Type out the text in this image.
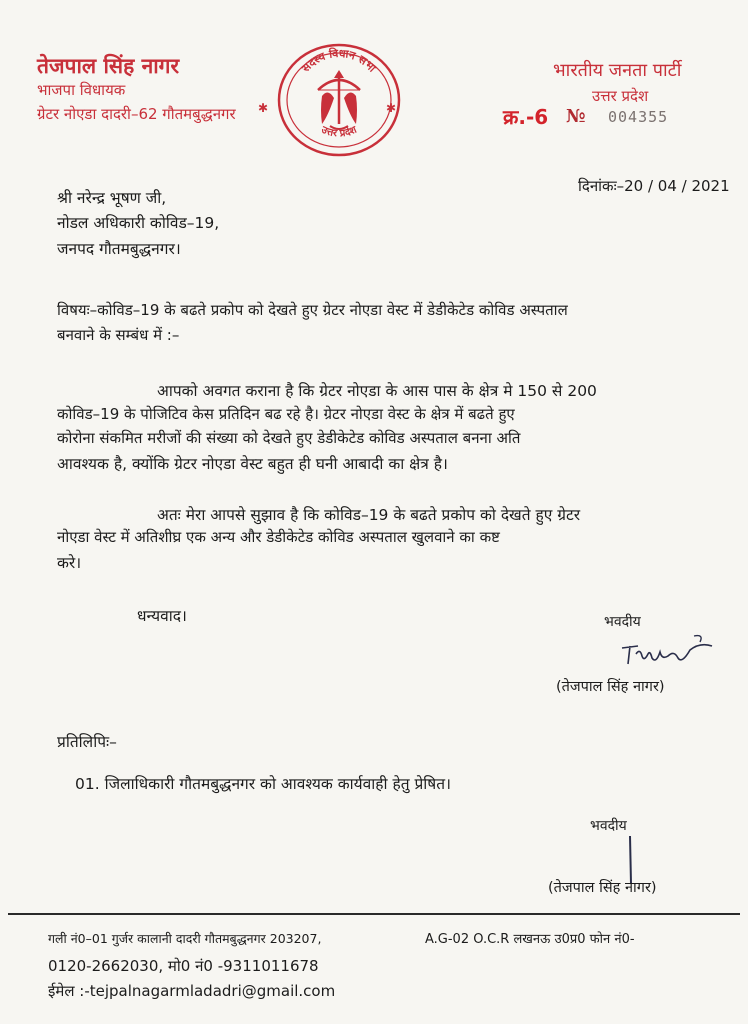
तेजपाल सिंह नागर
भाजपा विधायक
ग्रेटर नोएडा दादरी–62 गौतमबुद्धनगर
सदस्य विधान सभा
उत्तर प्रदेश
✱	✱
भारतीय जनता पार्टी
उत्तर प्रदेश
क्र.-6 № 004355
दिनांकः–20 / 04 / 2021
श्री नरेन्द्र भूषण जी,
नोडल अधिकारी कोविड–19,
जनपद गौतमबुद्धनगर।
विषयः–कोविड–19 के बढते प्रकोप को देखते हुए ग्रेटर नोएडा वेस्ट में डेडीकेटेड कोविड अस्पताल
बनवाने के सम्बंध में :–
आपको अवगत कराना है कि ग्रेटर नोएडा के आस पास के क्षेत्र मे 150 से 200
कोविड–19 के पोजिटिव केस प्रतिदिन बढ रहे है। ग्रेटर नोएडा वेस्ट के क्षेत्र में बढते हुए
कोरोना संकमित मरीजों की संख्या को देखते हुए डेडीकेटेड कोविड अस्पताल बनना अति
आवश्यक है, क्योंकि ग्रेटर नोएडा वेस्ट बहुत ही घनी आबादी का क्षेत्र है।
अतः मेरा आपसे सुझाव है कि कोविड–19 के बढते प्रकोप को देखते हुए ग्रेटर
नोएडा वेस्ट में अतिशीघ्र एक अन्य और डेडीकेटेड कोविड अस्पताल खुलवाने का कष्ट
करे।
धन्यवाद।	भवदीय
(तेजपाल सिंह नागर)
प्रतिलिपिः–
01. जिलाधिकारी गौतमबुद्धनगर को आवश्यक कार्यवाही हेतु प्रेषित।
भवदीय
(तेजपाल सिंह नागर)
गली नं0–01 गुर्जर कालानी दादरी गौतमबुद्धनगर 203207,	A.G-02 O.C.R लखनऊ उ0प्र0 फोन नं0-
0120-2662030, मो0 नं0 -9311011678
ईमेल :-tejpalnagarmladadri@gmail.com
